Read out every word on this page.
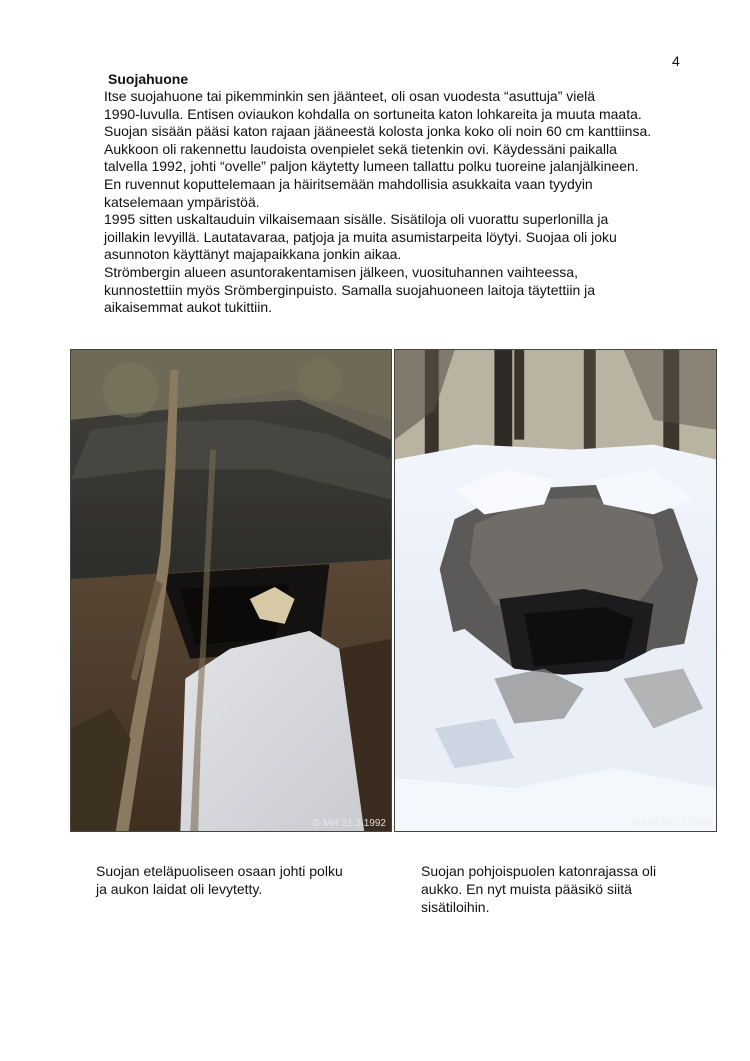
4
Suojahuone

Itse suojahuone tai pikemminkin sen jäänteet, oli osan vuodesta “asuttuja” vielä

1990-luvulla. Entisen oviaukon kohdalla on sortuneita katon lohkareita ja muuta maata.

Suojan sisään pääsi katon rajaan jääneestä kolosta jonka koko oli noin 60 cm kanttiinsa.

Aukkoon oli rakennettu laudoista ovenpielet sekä tietenkin ovi. Käydessäni paikalla

talvella 1992, johti “ovelle” paljon käytetty lumeen tallattu polku tuoreine jalanjälkineen.

En ruvennut koputtelemaan ja häiritsemään mahdollisia asukkaita vaan tyydyin

katselemaan ympäristöä.

1995 sitten uskaltauduin vilkaisemaan sisälle. Sisätiloja oli vuorattu superlonilla ja

joillakin levyillä. Lautatavaraa, patjoja ja muita asumistarpeita löytyi. Suojaa oli joku

asunnoton käyttänyt majapaikkana jonkin aikaa.

Strömbergin alueen asuntorakentamisen jälkeen, vuosituhannen vaihteessa,

kunnostettiin myös Srömberginpuisto. Samalla suojahuoneen laitoja täytettiin ja

aikaisemmat aukot tukittiin.

© MH 21.3.1992	© MH 28.12.1995

Suojan eteläpuoliseen osaan johti polku

ja aukon laidat oli levytetty.

Suojan pohjoispuolen katonrajassa oli

aukko. En nyt muista pääsikö siitä

sisätiloihin.
